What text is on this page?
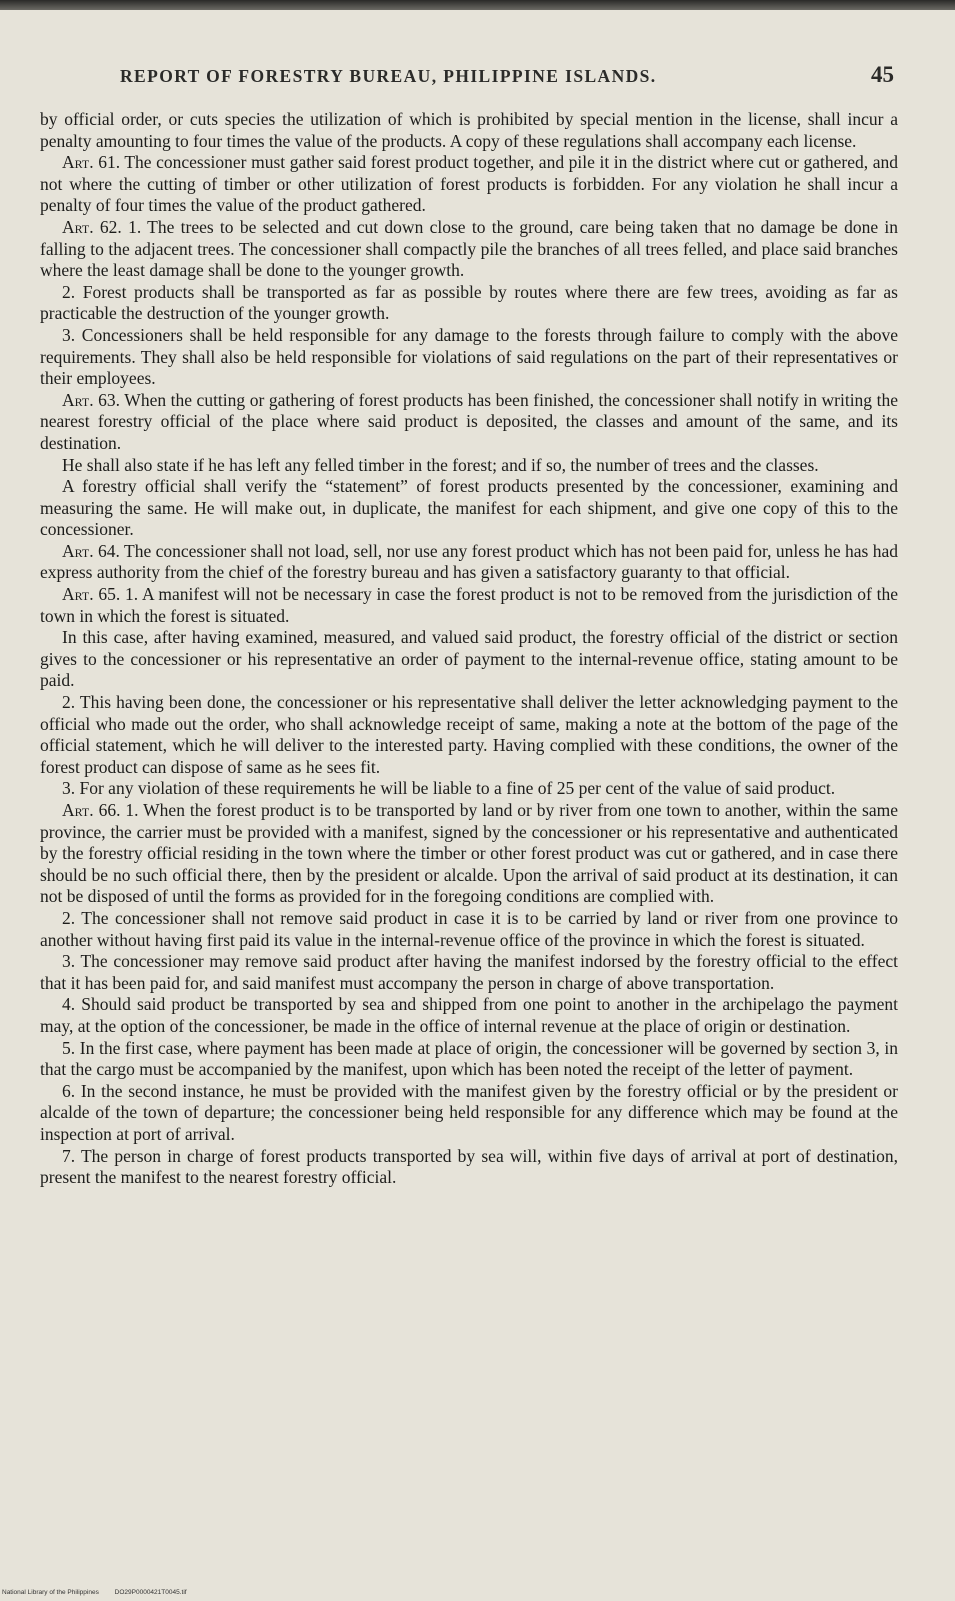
REPORT OF FORESTRY BUREAU, PHILIPPINE ISLANDS.	45

by official order, or cuts species the utilization of which is prohibited by special mention in the license, shall incur a penalty amounting to four times the value of the products. A copy of these regulations shall accompany each license.

Art. 61. The concessioner must gather said forest product together, and pile it in the district where cut or gathered, and not where the cutting of timber or other utilization of forest products is forbidden. For any violation he shall incur a penalty of four times the value of the product gathered.

Art. 62. 1. The trees to be selected and cut down close to the ground, care being taken that no damage be done in falling to the adjacent trees. The concessioner shall compactly pile the branches of all trees felled, and place said branches where the least damage shall be done to the younger growth.

2. Forest products shall be transported as far as possible by routes where there are few trees, avoiding as far as practicable the destruction of the younger growth.

3. Concessioners shall be held responsible for any damage to the forests through failure to comply with the above requirements. They shall also be held responsible for violations of said regulations on the part of their representatives or their employees.

Art. 63. When the cutting or gathering of forest products has been finished, the concessioner shall notify in writing the nearest forestry official of the place where said product is deposited, the classes and amount of the same, and its destination.

He shall also state if he has left any felled timber in the forest; and if so, the number of trees and the classes.

A forestry official shall verify the “statement” of forest products presented by the concessioner, examining and measuring the same. He will make out, in duplicate, the manifest for each shipment, and give one copy of this to the concessioner.

Art. 64. The concessioner shall not load, sell, nor use any forest product which has not been paid for, unless he has had express authority from the chief of the forestry bureau and has given a satisfactory guaranty to that official.

Art. 65. 1. A manifest will not be necessary in case the forest product is not to be removed from the jurisdiction of the town in which the forest is situated.

In this case, after having examined, measured, and valued said product, the forestry official of the district or section gives to the concessioner or his representative an order of payment to the internal-revenue office, stating amount to be paid.

2. This having been done, the concessioner or his representative shall deliver the letter acknowledging payment to the official who made out the order, who shall acknowledge receipt of same, making a note at the bottom of the page of the official statement, which he will deliver to the interested party. Having complied with these conditions, the owner of the forest product can dispose of same as he sees fit.

3. For any violation of these requirements he will be liable to a fine of 25 per cent of the value of said product.

Art. 66. 1. When the forest product is to be transported by land or by river from one town to another, within the same province, the carrier must be provided with a manifest, signed by the concessioner or his representative and authenticated by the forestry official residing in the town where the timber or other forest product was cut or gathered, and in case there should be no such official there, then by the president or alcalde. Upon the arrival of said product at its destination, it can not be disposed of until the forms as provided for in the foregoing conditions are complied with.

2. The concessioner shall not remove said product in case it is to be carried by land or river from one province to another without having first paid its value in the internal-revenue office of the province in which the forest is situated.

3. The concessioner may remove said product after having the manifest indorsed by the forestry official to the effect that it has been paid for, and said manifest must accompany the person in charge of above transportation.

4. Should said product be transported by sea and shipped from one point to another in the archipelago the payment may, at the option of the concessioner, be made in the office of internal revenue at the place of origin or destination.

5. In the first case, where payment has been made at place of origin, the concessioner will be governed by section 3, in that the cargo must be accompanied by the manifest, upon which has been noted the receipt of the letter of payment.

6. In the second instance, he must be provided with the manifest given by the forestry official or by the president or alcalde of the town of departure; the concessioner being held responsible for any difference which may be found at the inspection at port of arrival.

7. The person in charge of forest products transported by sea will, within five days of arrival at port of destination, present the manifest to the nearest forestry official.

National Library of the Philippines DO29P0000421T0045.tif
